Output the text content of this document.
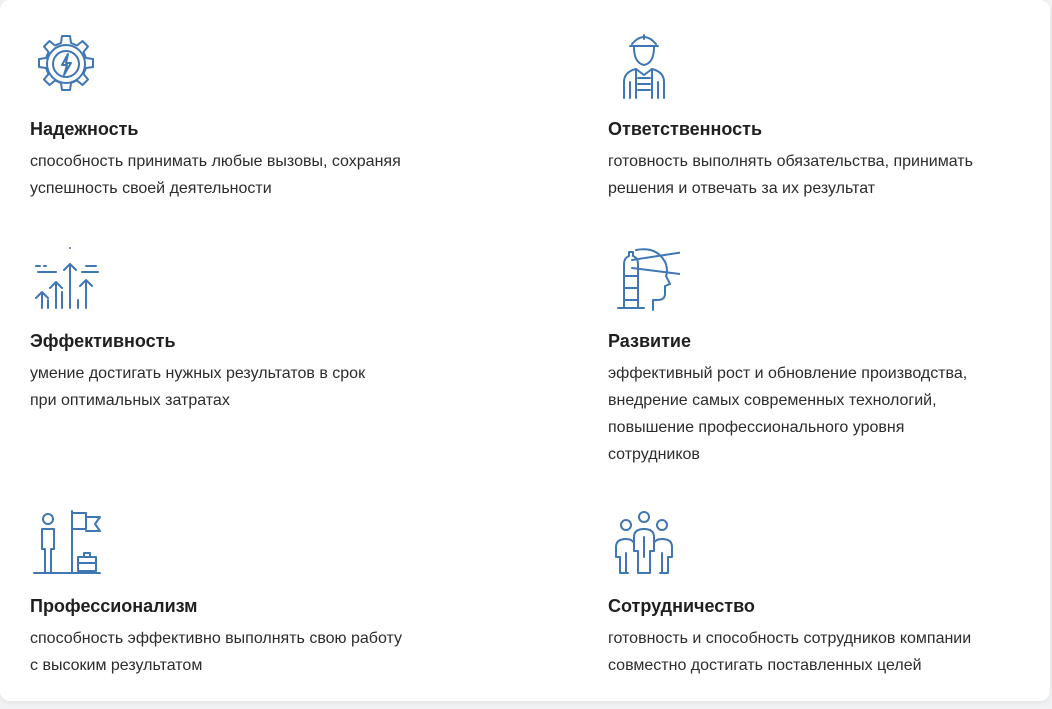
Надежность

способность принимать любые вызовы, сохраняя
успешность своей деятельности

Ответственность

готовность выполнять обязательства, принимать
решения и отвечать за их результат

Эффективность

умение достигать нужных результатов в срок
при оптимальных затратах

Развитие

эффективный рост и обновление производства,
внедрение самых современных технологий,
повышение профессионального уровня
сотрудников

Профессионализм

способность эффективно выполнять свою работу
с высоким результатом

Сотрудничество

готовность и способность сотрудников компании
совместно достигать поставленных целей
